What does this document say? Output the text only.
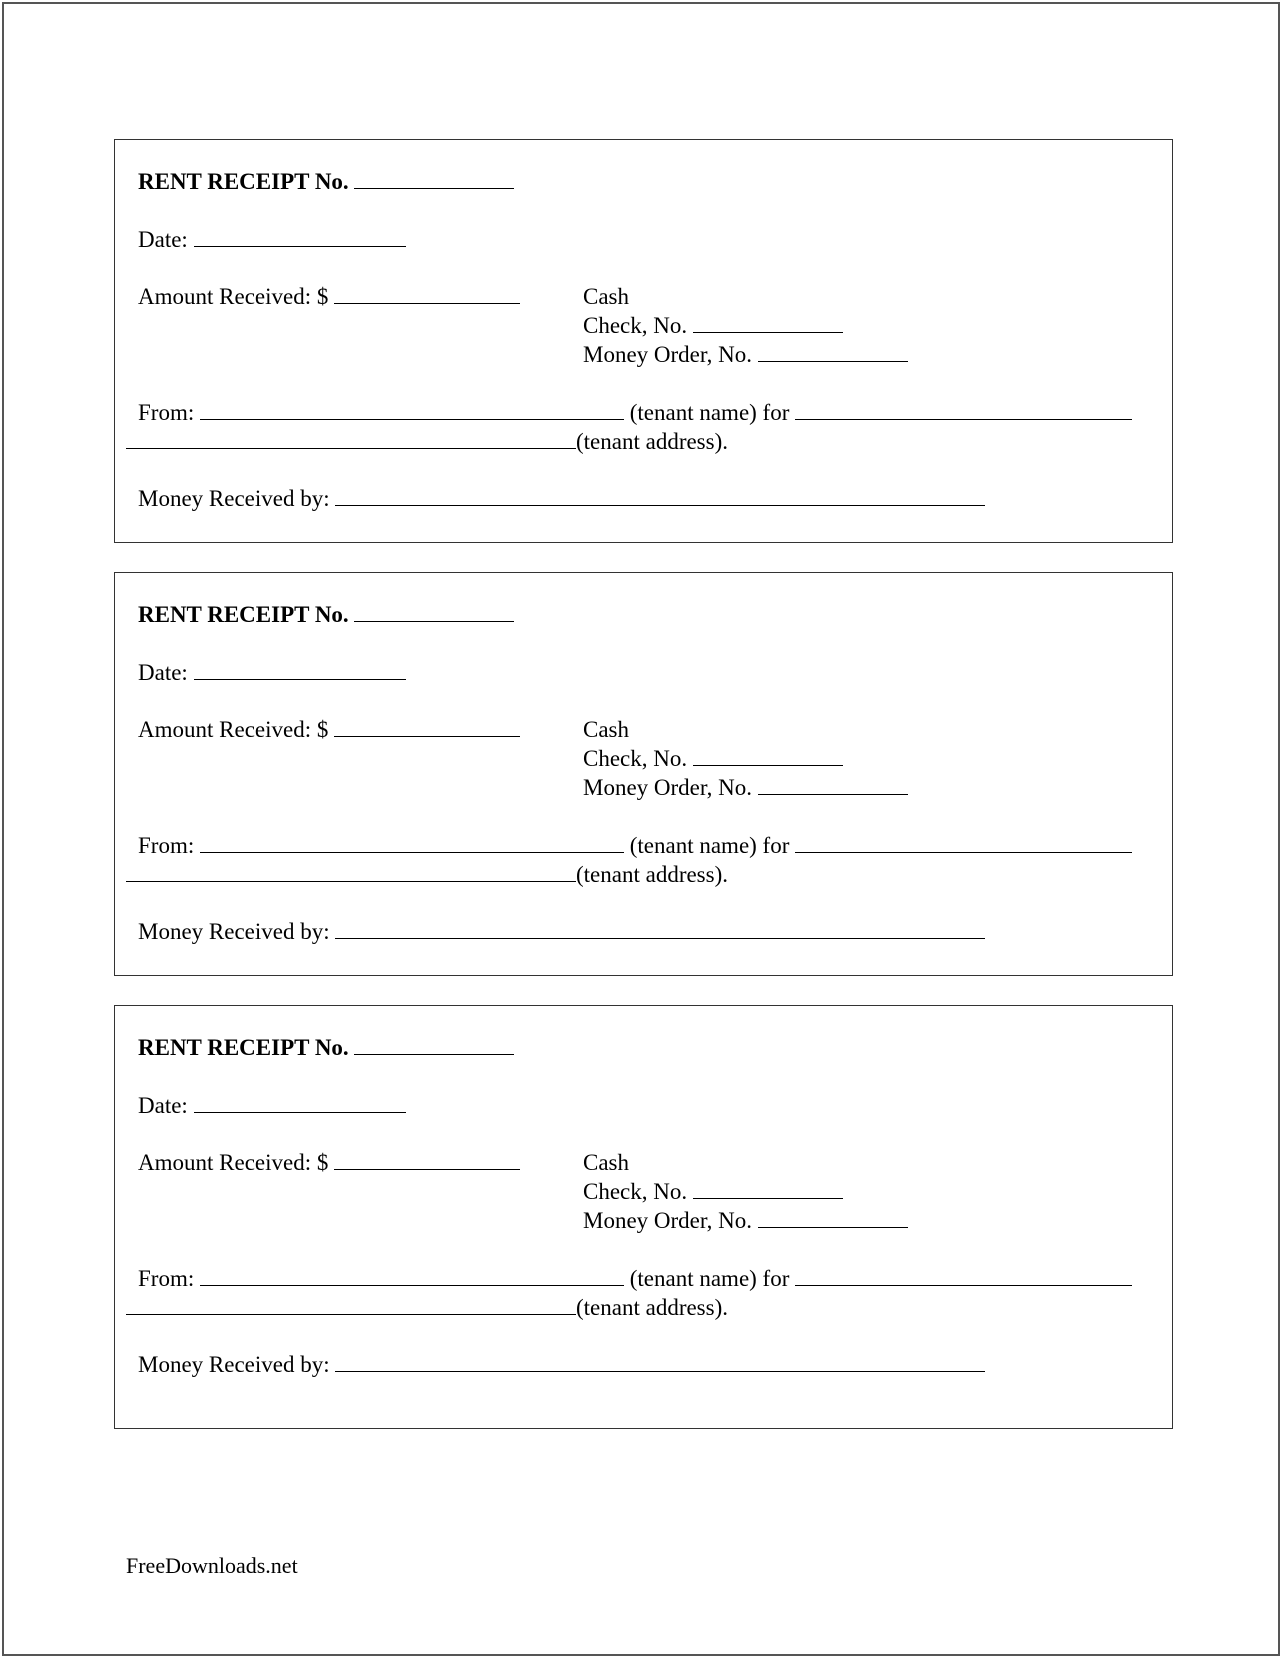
RENT RECEIPT No.
Date:
Amount Received: $	Cash
Check, No.
Money Order, No.
From:	(tenant name) for
(tenant address).
Money Received by:
RENT RECEIPT No.
Date:
Amount Received: $	Cash
Check, No.
Money Order, No.
From:	(tenant name) for
(tenant address).
Money Received by:
RENT RECEIPT No.
Date:
Amount Received: $	Cash
Check, No.
Money Order, No.
From:	(tenant name) for
(tenant address).
Money Received by:
FreeDownloads.net
